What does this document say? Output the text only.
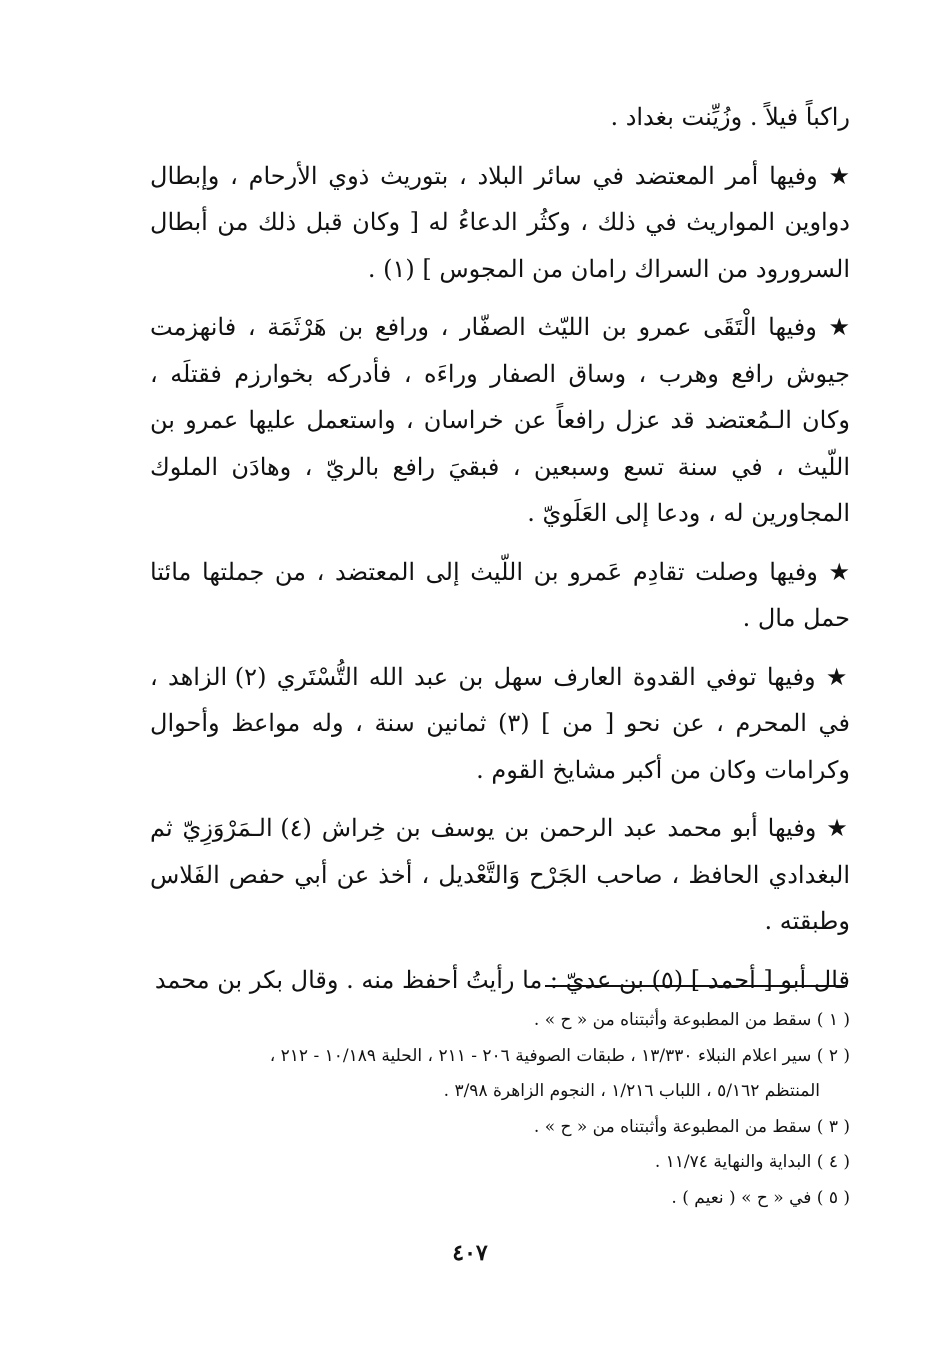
راكباً فيلاً . وزُيِّنت بغداد .

★ وفيها أمر المعتضد في سائر البلاد ، بتوريث ذوي الأرحام ، وإبطال دواوين المواريث في ذلك ، وكثُر الدعاءُ له [ وكان قبل ذلك من أبطال السرورود من السراك رامان من المجوس ] (١) .

★ وفيها الْتَقَى عمرو بن الليّث الصفّار ، ورافع بن هَرْثَمَة ، فانهزمت جيوش رافع وهرب ، وساق الصفار وراءَه ، فأدركه بخوارزم فقتلَه ، وكان الـمُعتضد قد عزل رافعاً عن خراسان ، واستعمل عليها عمرو بن اللّيث ، في سنة تسع وسبعين ، فبقيَ رافع بالريّ ، وهادَن الملوك المجاورين له ، ودعا إلى العَلَويّ .

★ وفيها وصلت تقادِم عَمرو بن اللّيث إلى المعتضد ، من جملتها مائتا حمل مال .

★ وفيها توفي القدوة العارف سهل بن عبد الله التُّسْتَري (٢) الزاهد ، في المحرم ، عن نحو [ من ] (٣) ثمانين سنة ، وله مواعظ وأحوال وكرامات وكان من أكبر مشايخ القوم .

★ وفيها أبو محمد عبد الرحمن بن يوسف بن خِراش (٤) الـمَرْوَزِيّ ثم البغدادي الحافظ ، صاحب الجَرْح وَالتَّعْديل ، أخذ عن أبي حفص الفَلاس وطبقته .

قال أبو [ أحمد ] (٥) بن عديّ : ما رأيتُ أحفظ منه . وقال بكر بن محمد

( ١ ) سقط من المطبوعة وأثبتناه من « ح » .

( ٢ ) سير اعلام النبلاء ١٣/٣٣٠ ، طبقات الصوفية ٢٠٦ - ٢١١ ، الحلية ١٠/١٨٩ - ٢١٢ ،

المنتظم ٥/١٦٢ ، اللباب ١/٢١٦ ، النجوم الزاهرة ٣/٩٨ .

( ٣ ) سقط من المطبوعة وأثبتناه من « ح » .

( ٤ ) البداية والنهاية ١١/٧٤ .

( ٥ ) في « ح » ( نعيم ) .

٤٠٧
